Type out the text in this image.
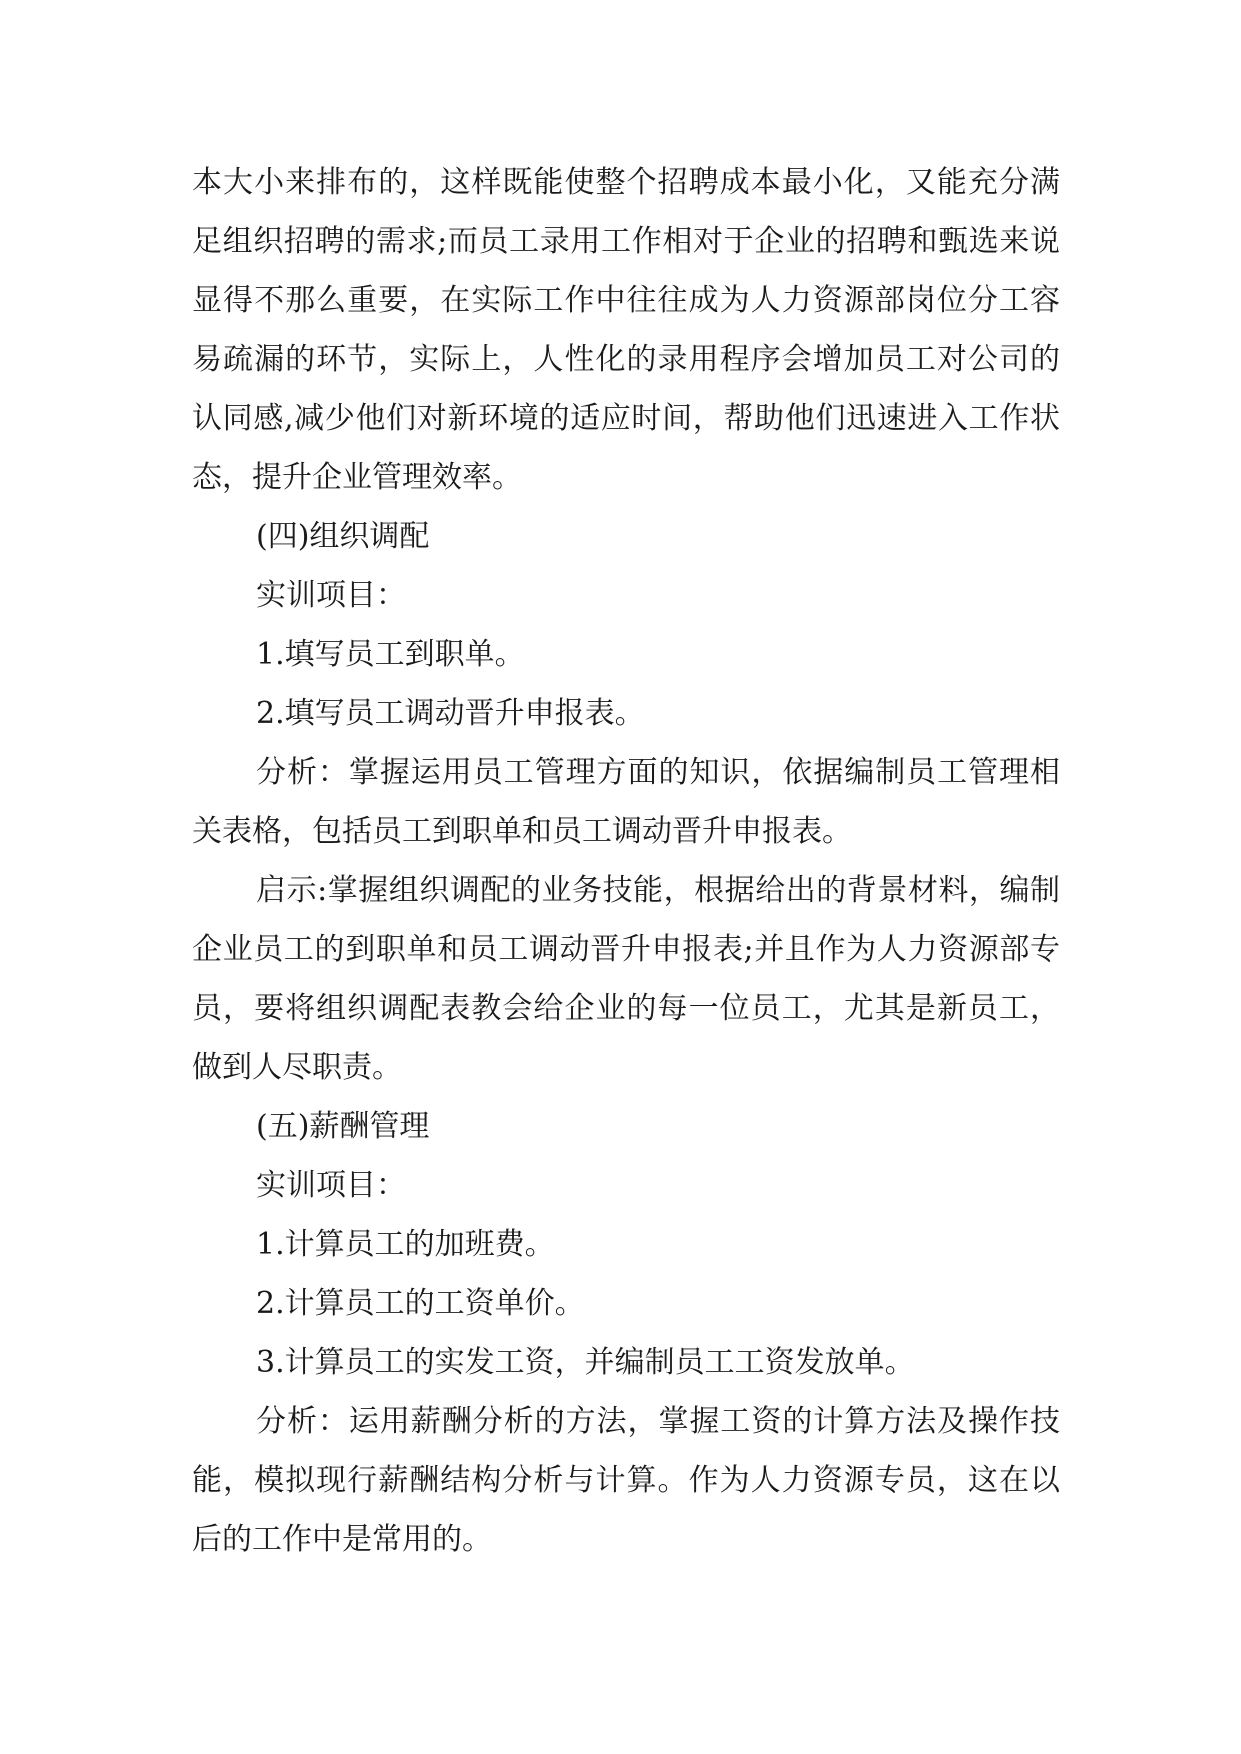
本大小来排布的，这样既能使整个招聘成本最小化，又能充分满足组织招聘的需求;而员工录用工作相对于企业的招聘和甄选来说显得不那么重要，在实际工作中往往成为人力资源部岗位分工容易疏漏的环节，实际上，人性化的录用程序会增加员工对公司的认同感,减少他们对新环境的适应时间，帮助他们迅速进入工作状态，提升企业管理效率。

(四)组织调配

实训项目：

1.填写员工到职单。

2.填写员工调动晋升申报表。

分析：掌握运用员工管理方面的知识，依据编制员工管理相关表格，包括员工到职单和员工调动晋升申报表。

启示:掌握组织调配的业务技能，根据给出的背景材料，编制企业员工的到职单和员工调动晋升申报表;并且作为人力资源部专员，要将组织调配表教会给企业的每一位员工，尤其是新员工，做到人尽职责。

(五)薪酬管理

实训项目：

1.计算员工的加班费。

2.计算员工的工资单价。

3.计算员工的实发工资，并编制员工工资发放单。

分析：运用薪酬分析的方法，掌握工资的计算方法及操作技能，模拟现行薪酬结构分析与计算。作为人力资源专员，这在以后的工作中是常用的。
